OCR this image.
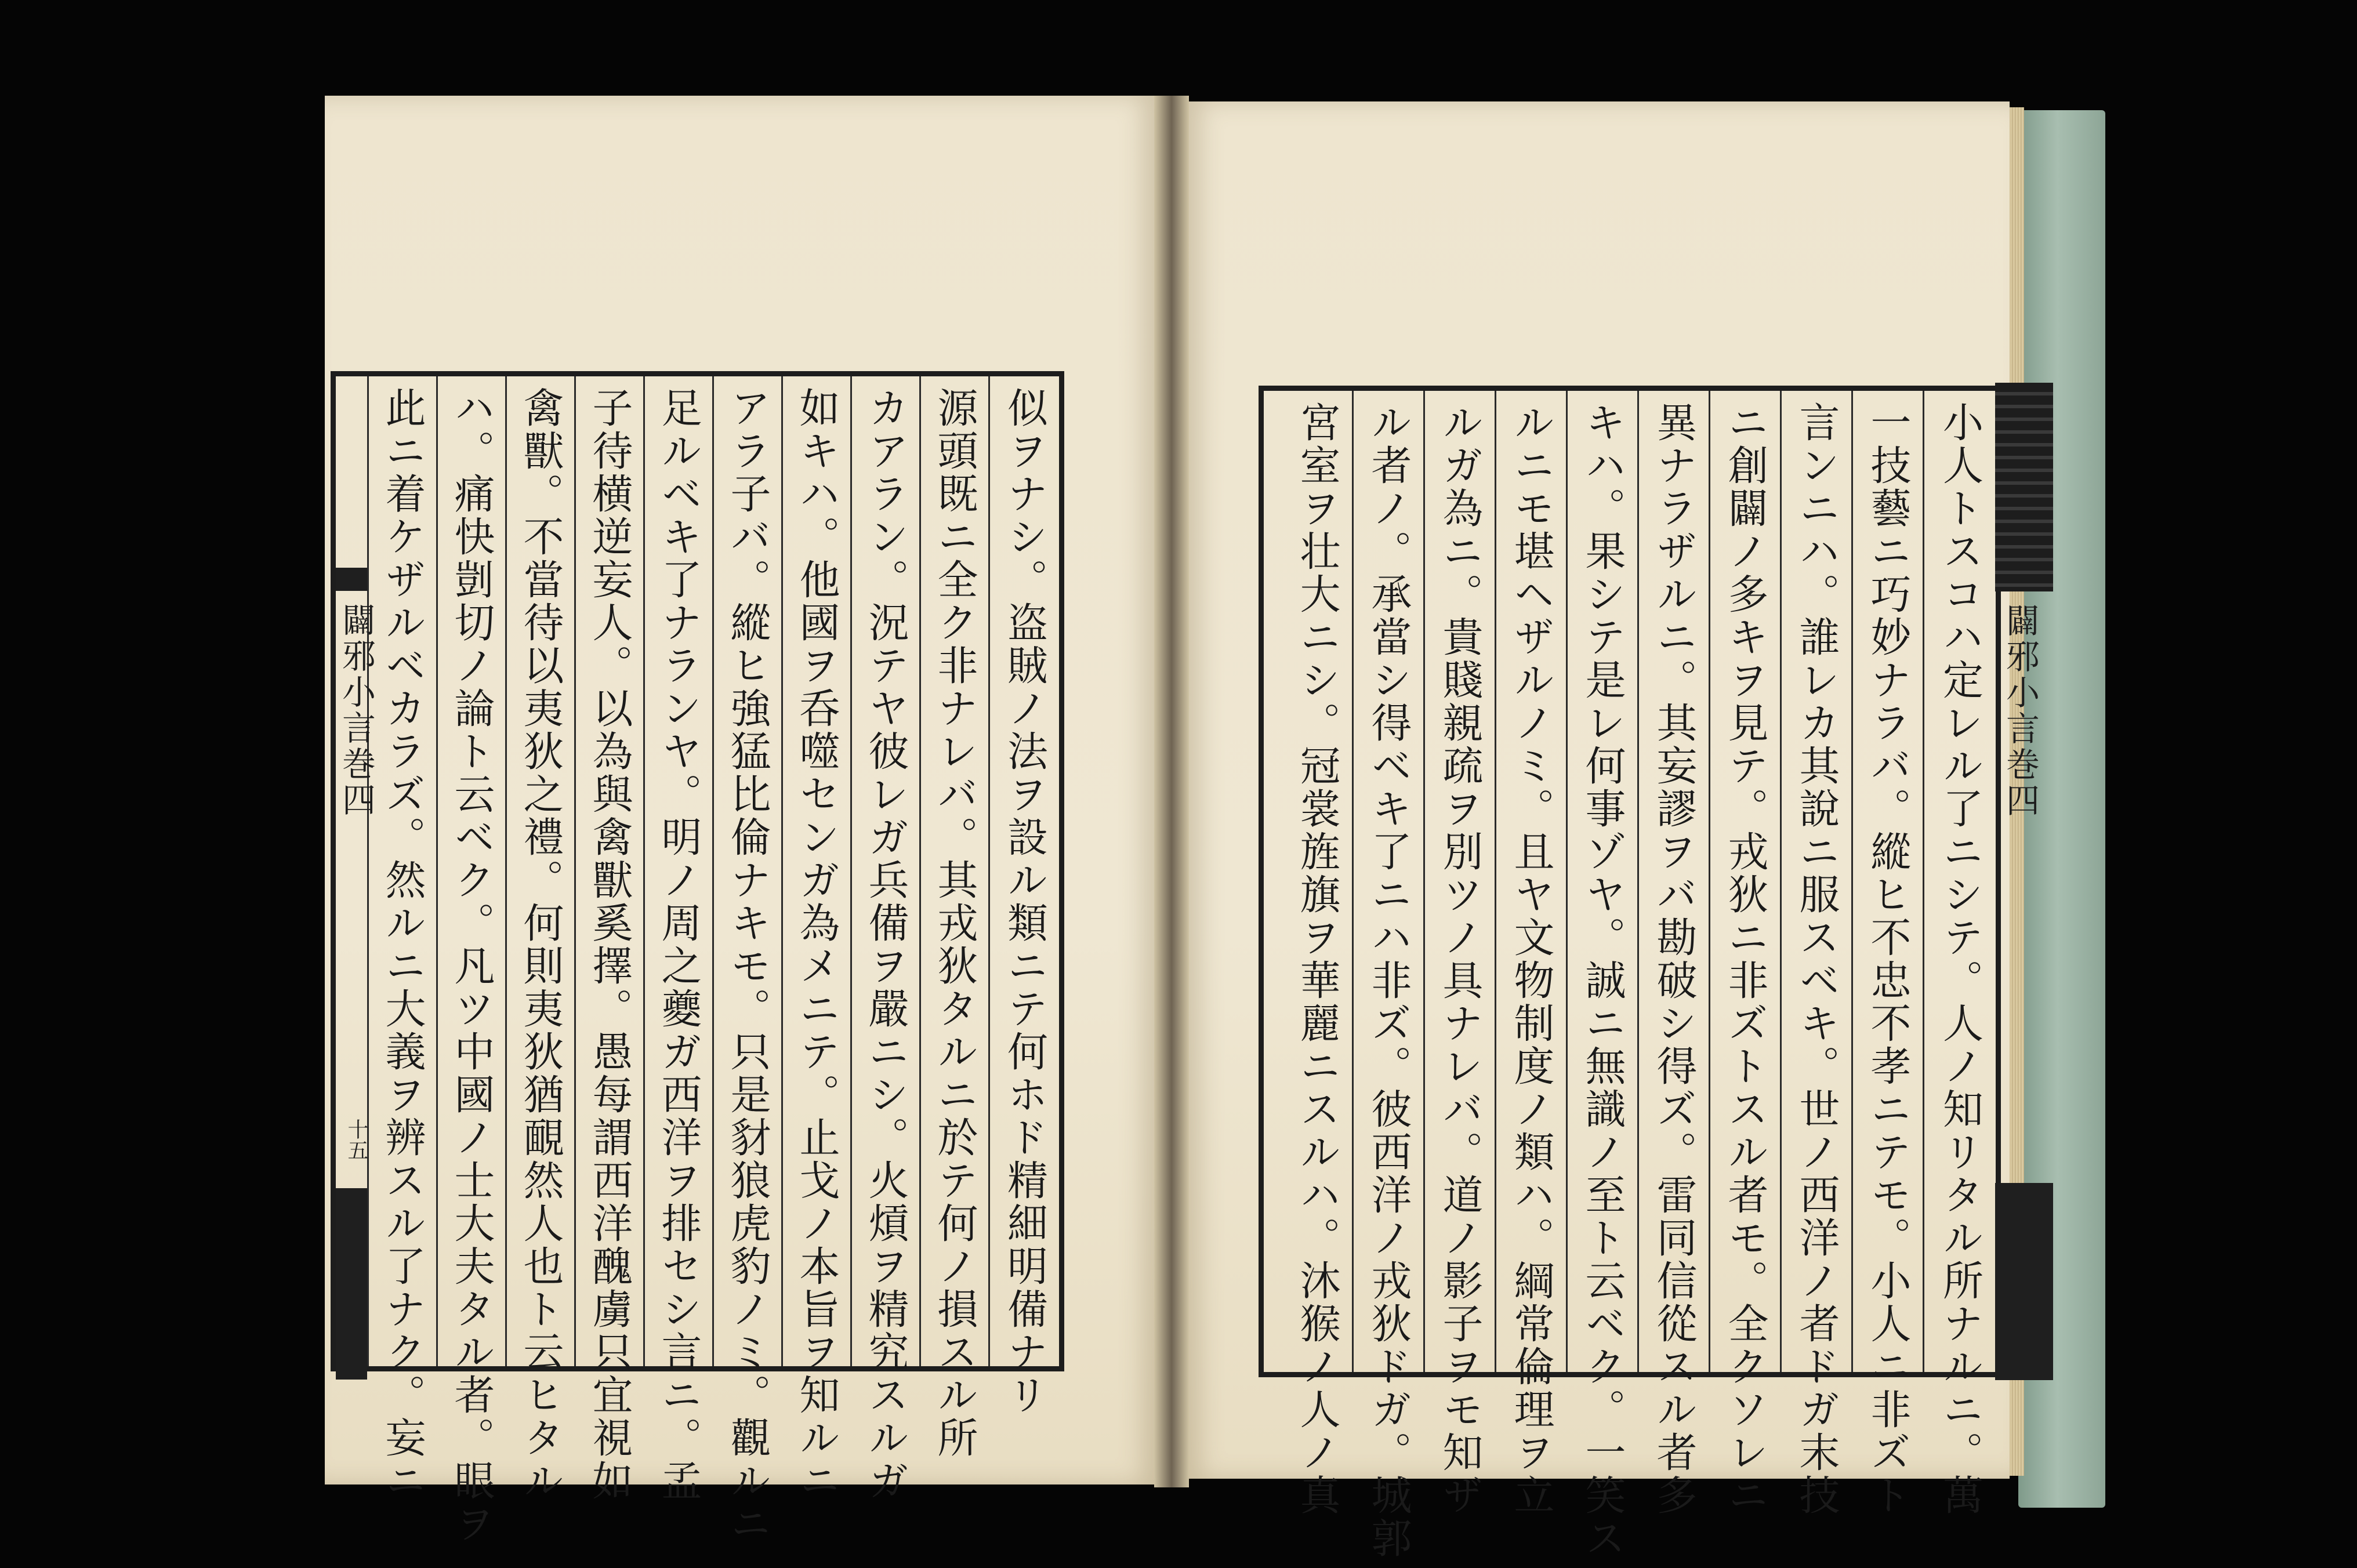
似ヲナシ。盗賊ノ法ヲ設ル類ニテ何ホド精細明備ナリ
源頭既ニ全ク非ナレバ。其戎狄タルニ於テ何ノ損スル所
カアラン。況テヤ彼レガ兵備ヲ嚴ニシ。火熕ヲ精究スルガ
如キハ。他國ヲ呑噬センガ為メニテ。止戈ノ本旨ヲ知ルニ
アラ子バ。縱ヒ強猛比倫ナキモ。只是豺狼虎豹ノミ。觀ルニ
足ルベキ了ナランヤ。明ノ周之夔ガ西洋ヲ排セシ言ニ。孟
子待横逆妄人。以為與禽獸奚擇。愚每謂西洋醜虜只宜視如
禽獸。不當待以夷狄之禮。何則夷狄猶靦然人也ト云ヒタル
ハ。痛快剴切ノ論ト云ベク。凡ツ中國ノ士大夫タル者。眼ヲ
此ニ着ケザルベカラズ。然ルニ大義ヲ辨スル了ナク。妄ニ
闢邪小言巻四
十五	小人トスコハ定レル了ニシテ。人ノ知リタル所ナルニ。萬
一技藝ニ巧妙ナラバ。縱ヒ不忠不孝ニテモ。小人ニ非ズト
言ンニハ。誰レカ其說ニ服スベキ。世ノ西洋ノ者ドガ末技
ニ創闢ノ多キヲ見テ。戎狄ニ非ズトスル者モ。全クソレニ
異ナラザルニ。其妄謬ヲバ勘破シ得ズ。雷同信從スル者多
キハ。果シテ是レ何事ゾヤ。誠ニ無識ノ至ト云ベク。一笑ス
ルニモ堪ヘザルノミ。且ヤ文物制度ノ類ハ。綱常倫理ヲ立
ルガ為ニ。貴賤親疏ヲ別ツノ具ナレバ。道ノ影子ヲモ知ザ
ル者ノ。承當シ得ベキ了ニハ非ズ。彼西洋ノ戎狄ドガ。城郭
宮室ヲ壮大ニシ。冠裳旌旗ヲ華麗ニスルハ。沐猴ノ人ノ真	闢邪小言巻四
